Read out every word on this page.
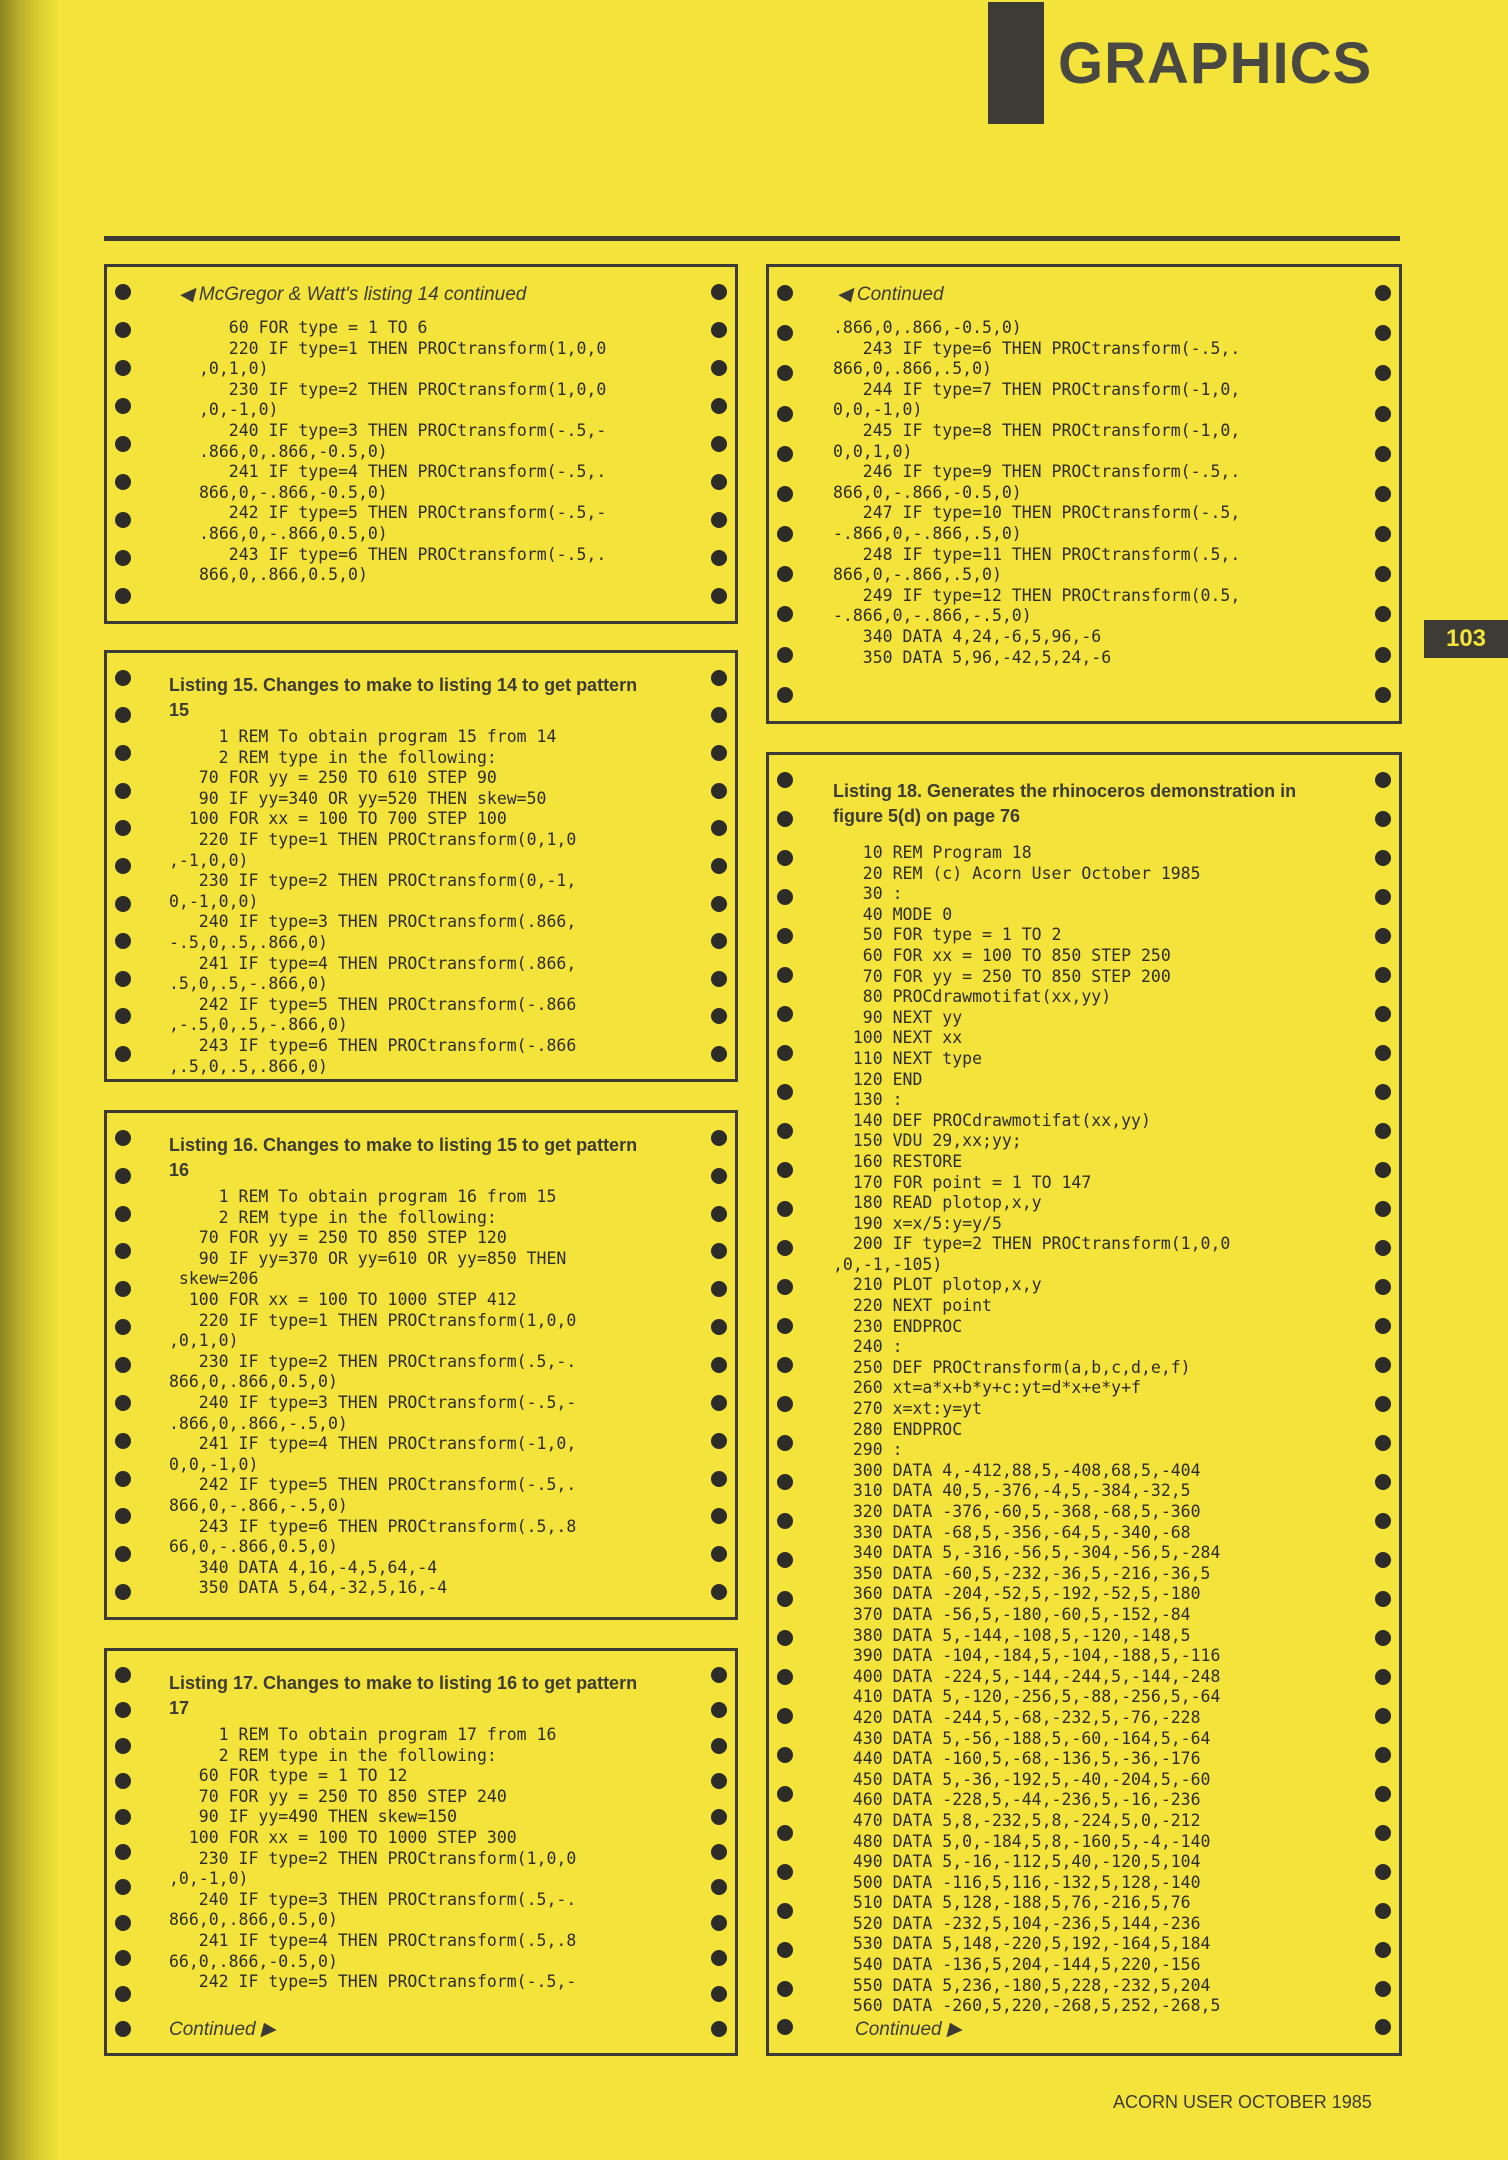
GRAPHICS
103
◀ McGregor & Watt's listing 14 continued
60 FOR type = 1 TO 6
220 IF type=1 THEN PROCtransform(1,0,0
,0,1,0)
230 IF type=2 THEN PROCtransform(1,0,0
,0,-1,0)
240 IF type=3 THEN PROCtransform(-.5,-
.866,0,.866,-0.5,0)
241 IF type=4 THEN PROCtransform(-.5,.
866,0,-.866,-0.5,0)
242 IF type=5 THEN PROCtransform(-.5,-
.866,0,-.866,0.5,0)
243 IF type=6 THEN PROCtransform(-.5,.
866,0,.866,0.5,0)
Listing 15. Changes to make to listing 14 to get pattern 15
1 REM To obtain program 15 from 14
2 REM type in the following:
70 FOR yy = 250 TO 610 STEP 90
90 IF yy=340 OR yy=520 THEN skew=50
100 FOR xx = 100 TO 700 STEP 100
220 IF type=1 THEN PROCtransform(0,1,0
,-1,0,0)
230 IF type=2 THEN PROCtransform(0,-1,
0,-1,0,0)
240 IF type=3 THEN PROCtransform(.866,
-.5,0,.5,.866,0)
241 IF type=4 THEN PROCtransform(.866,
.5,0,.5,-.866,0)
242 IF type=5 THEN PROCtransform(-.866
,-.5,0,.5,-.866,0)
243 IF type=6 THEN PROCtransform(-.866
,.5,0,.5,.866,0)
Listing 16. Changes to make to listing 15 to get pattern 16
1 REM To obtain program 16 from 15
2 REM type in the following:
70 FOR yy = 250 TO 850 STEP 120
90 IF yy=370 OR yy=610 OR yy=850 THEN
skew=206
100 FOR xx = 100 TO 1000 STEP 412
220 IF type=1 THEN PROCtransform(1,0,0
,0,1,0)
230 IF type=2 THEN PROCtransform(.5,-.
866,0,.866,0.5,0)
240 IF type=3 THEN PROCtransform(-.5,-
.866,0,.866,-.5,0)
241 IF type=4 THEN PROCtransform(-1,0,
0,0,-1,0)
242 IF type=5 THEN PROCtransform(-.5,.
866,0,-.866,-.5,0)
243 IF type=6 THEN PROCtransform(.5,.8
66,0,-.866,0.5,0)
340 DATA 4,16,-4,5,64,-4
350 DATA 5,64,-32,5,16,-4
Listing 17. Changes to make to listing 16 to get pattern 17
1 REM To obtain program 17 from 16
2 REM type in the following:
60 FOR type = 1 TO 12
70 FOR yy = 250 TO 850 STEP 240
90 IF yy=490 THEN skew=150
100 FOR xx = 100 TO 1000 STEP 300
230 IF type=2 THEN PROCtransform(1,0,0
,0,-1,0)
240 IF type=3 THEN PROCtransform(.5,-.
866,0,.866,0.5,0)
241 IF type=4 THEN PROCtransform(.5,.8
66,0,.866,-0.5,0)
242 IF type=5 THEN PROCtransform(-.5,-
Continued ▶
◀ Continued
.866,0,.866,-0.5,0)
243 IF type=6 THEN PROCtransform(-.5,.
866,0,.866,.5,0)
244 IF type=7 THEN PROCtransform(-1,0,
0,0,-1,0)
245 IF type=8 THEN PROCtransform(-1,0,
0,0,1,0)
246 IF type=9 THEN PROCtransform(-.5,.
866,0,-.866,-0.5,0)
247 IF type=10 THEN PROCtransform(-.5,
-.866,0,-.866,.5,0)
248 IF type=11 THEN PROCtransform(.5,.
866,0,-.866,.5,0)
249 IF type=12 THEN PROCtransform(0.5,
-.866,0,-.866,-.5,0)
340 DATA 4,24,-6,5,96,-6
350 DATA 5,96,-42,5,24,-6
Listing 18. Generates the rhinoceros demonstration in figure 5(d) on page 76
10 REM Program 18
20 REM (c) Acorn User October 1985
30 :
40 MODE 0
50 FOR type = 1 TO 2
60 FOR xx = 100 TO 850 STEP 250
70 FOR yy = 250 TO 850 STEP 200
80 PROCdrawmotifat(xx,yy)
90 NEXT yy
100 NEXT xx
110 NEXT type
120 END
130 :
140 DEF PROCdrawmotifat(xx,yy)
150 VDU 29,xx;yy;
160 RESTORE
170 FOR point = 1 TO 147
180 READ plotop,x,y
190 x=x/5:y=y/5
200 IF type=2 THEN PROCtransform(1,0,0
,0,-1,-105)
210 PLOT plotop,x,y
220 NEXT point
230 ENDPROC
240 :
250 DEF PROCtransform(a,b,c,d,e,f)
260 xt=a*x+b*y+c:yt=d*x+e*y+f
270 x=xt:y=yt
280 ENDPROC
290 :
300 DATA 4,-412,88,5,-408,68,5,-404
310 DATA 40,5,-376,-4,5,-384,-32,5
320 DATA -376,-60,5,-368,-68,5,-360
330 DATA -68,5,-356,-64,5,-340,-68
340 DATA 5,-316,-56,5,-304,-56,5,-284
350 DATA -60,5,-232,-36,5,-216,-36,5
360 DATA -204,-52,5,-192,-52,5,-180
370 DATA -56,5,-180,-60,5,-152,-84
380 DATA 5,-144,-108,5,-120,-148,5
390 DATA -104,-184,5,-104,-188,5,-116
400 DATA -224,5,-144,-244,5,-144,-248
410 DATA 5,-120,-256,5,-88,-256,5,-64
420 DATA -244,5,-68,-232,5,-76,-228
430 DATA 5,-56,-188,5,-60,-164,5,-64
440 DATA -160,5,-68,-136,5,-36,-176
450 DATA 5,-36,-192,5,-40,-204,5,-60
460 DATA -228,5,-44,-236,5,-16,-236
470 DATA 5,8,-232,5,8,-224,5,0,-212
480 DATA 5,0,-184,5,8,-160,5,-4,-140
490 DATA 5,-16,-112,5,40,-120,5,104
500 DATA -116,5,116,-132,5,128,-140
510 DATA 5,128,-188,5,76,-216,5,76
520 DATA -232,5,104,-236,5,144,-236
530 DATA 5,148,-220,5,192,-164,5,184
540 DATA -136,5,204,-144,5,220,-156
550 DATA 5,236,-180,5,228,-232,5,204
560 DATA -260,5,220,-268,5,252,-268,5
Continued ▶
ACORN USER OCTOBER 1985
